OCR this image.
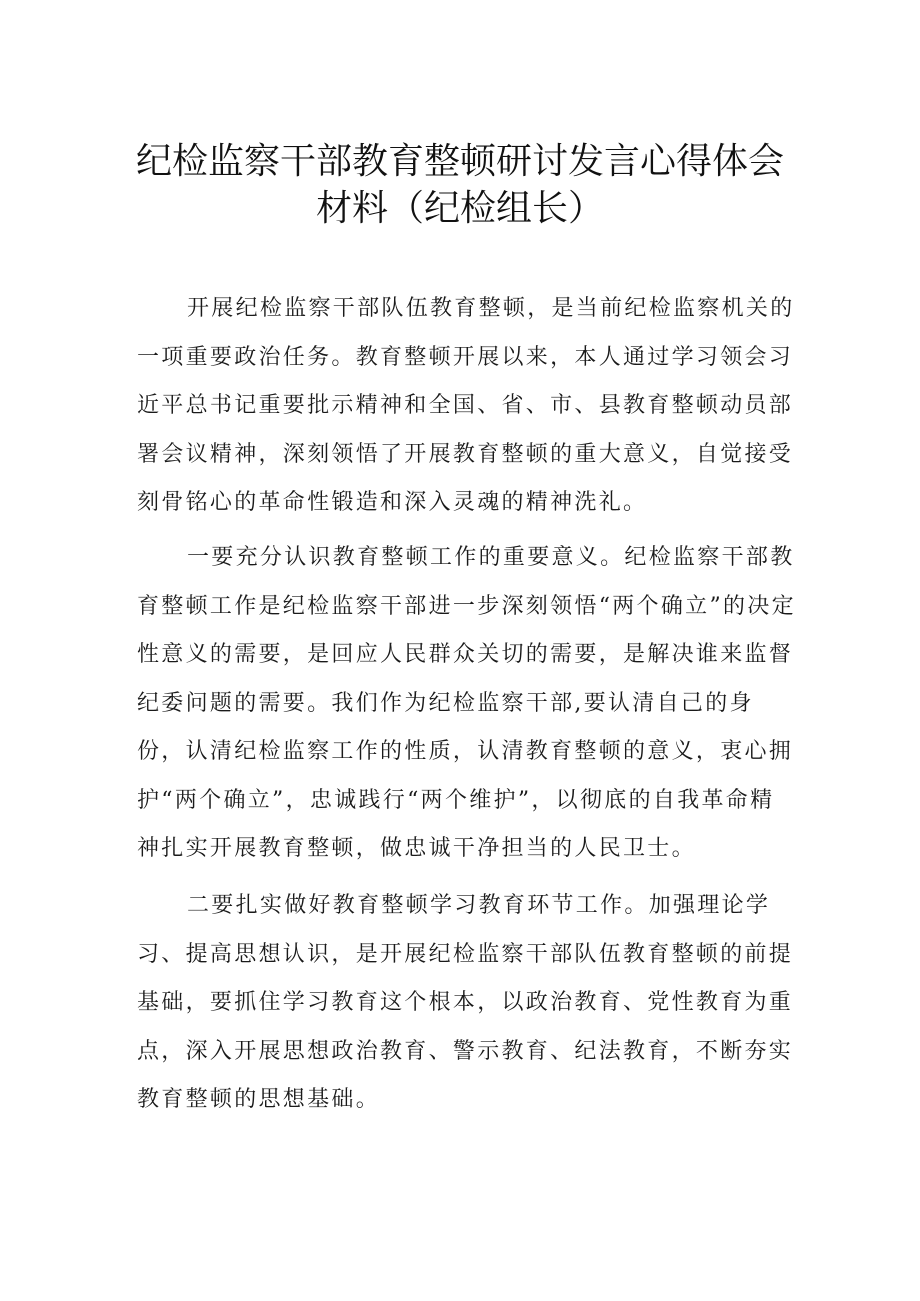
纪检监察干部教育整顿研讨发言心得体会
材料（纪检组长）

开展纪检监察干部队伍教育整顿，是当前纪检监察机关的一项重要政治任务。教育整顿开展以来，本人通过学习领会习近平总书记重要批示精神和全国、省、市、县教育整顿动员部署会议精神，深刻领悟了开展教育整顿的重大意义，自觉接受刻骨铭心的革命性锻造和深入灵魂的精神洗礼。

一要充分认识教育整顿工作的重要意义。纪检监察干部教育整顿工作是纪检监察干部进一步深刻领悟“两个确立”的决定性意义的需要，是回应人民群众关切的需要，是解决谁来监督纪委问题的需要。我们作为纪检监察干部,要认清自己的身份，认清纪检监察工作的性质，认清教育整顿的意义，衷心拥护“两个确立”，忠诚践行“两个维护”，以彻底的自我革命精神扎实开展教育整顿，做忠诚干净担当的人民卫士。

二要扎实做好教育整顿学习教育环节工作。加强理论学习、提高思想认识，是开展纪检监察干部队伍教育整顿的前提基础，要抓住学习教育这个根本，以政治教育、党性教育为重点，深入开展思想政治教育、警示教育、纪法教育，不断夯实教育整顿的思想基础。
